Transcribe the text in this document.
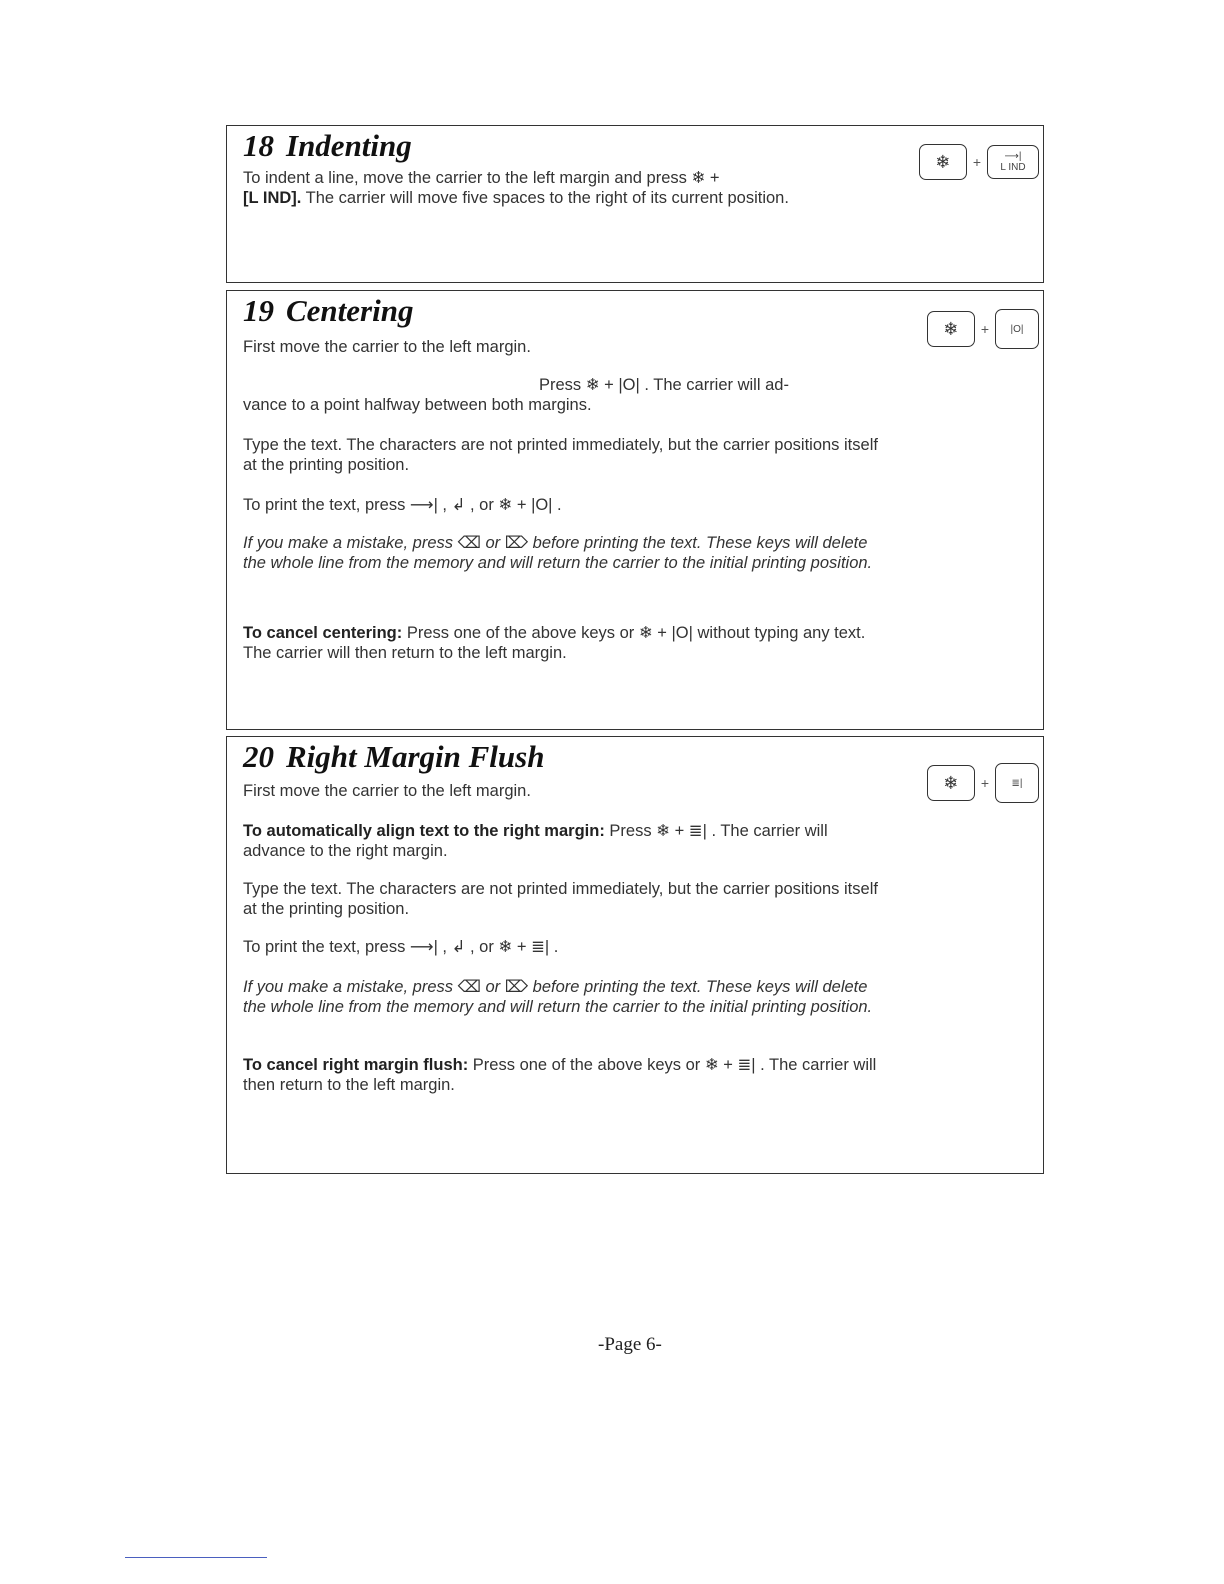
18 Indenting

To indent a line, move the carrier to the left margin and press ❄ +
[L IND]. The carrier will move five spaces to the right of its current position.

❄	+ ⟶|
L IND
19 Centering

First move the carrier to the left margin.

Press ❄ + |O| . The carrier will ad-
vance to a point halfway between both margins.

Type the text. The characters are not printed immediately, but the carrier positions itself at the printing position.

To print the text, press ⟶| , ↲ , or ❄ + |O| .

If you make a mistake, press ⌫ or ⌦ before printing the text. These keys will delete the whole line from the memory and will return the carrier to the initial printing position.

To cancel centering: Press one of the above keys or ❄ + |O| without typing any text. The carrier will then return to the left margin.

❄	+	|O|
20 Right Margin Flush

First move the carrier to the left margin.

To automatically align text to the right margin: Press ❄ + ≣| . The carrier will advance to the right margin.

Type the text. The characters are not printed immediately, but the carrier positions itself at the printing position.

To print the text, press ⟶| , ↲ , or ❄ + ≣| .

If you make a mistake, press ⌫ or ⌦ before printing the text. These keys will delete the whole line from the memory and will return the carrier to the initial printing position.

To cancel right margin flush: Press one of the above keys or ❄ + ≣| . The carrier will then return to the left margin.

❄	+	≣|

-Page 6-
